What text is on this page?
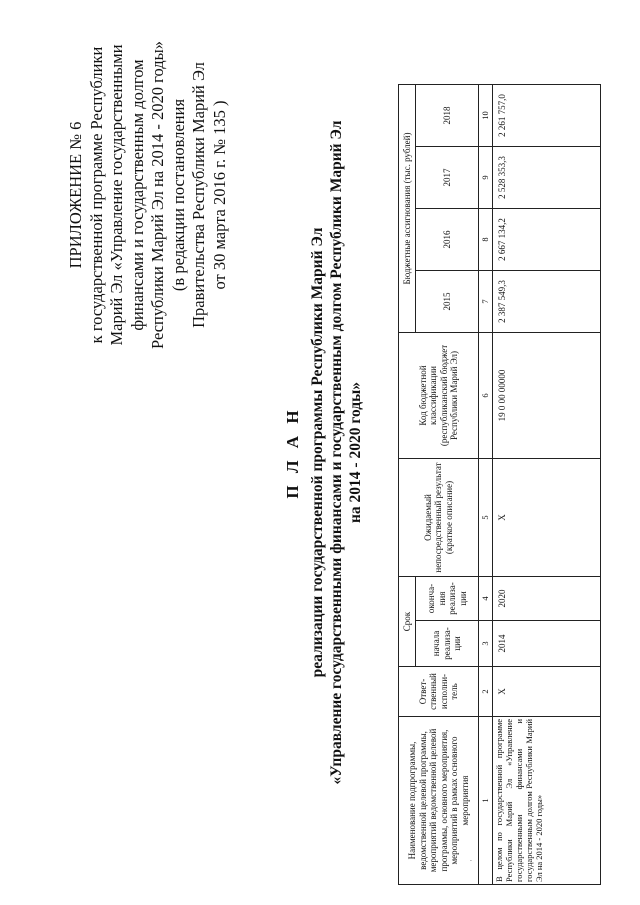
ПРИЛОЖЕНИЕ № 6 к государственной программе Республики Марий Эл «Управление государственными финансами и государственным долгом Республики Марий Эл на 2014 - 2020 годы» (в редакции постановления Правительства Республики Марий Эл от 30 марта 2016 г. № 135 )
П Л А Н реализации государственной программы Республики Марий Эл «Управление государственными финансами и государственным долгом Республики Марий Эл на 2014 - 2020 годы»
Наименование подпрограммы, ведомственной целевой программы, мероприятий ведомственной целевой программы, основного мероприятия, мероприятий в рамках основного мероприятия	Ответ-ственный исполни-тель	Срок		Ожидаемый непосредственный результат (краткое описание)	Код бюджетной классификации (республиканский бюджет Республики Марий Эл)	Бюджетные ассигнования (тыс. рублей)			
		начала реализа-ции	оконча-ния реализа-ции			2015	2016	2017	2018
1	2	3	4	5	6	7	8	9	10
В целом по государственной программе Республики Марий Эл «Управление государственными финансами и государственным долгом Республики Марий Эл на 2014 - 2020 годы»	X	2014	2020	X	19 0 00 00000	2 387 549,3	2 667 134,2	2 528 353,3	2 261 757,0
·
